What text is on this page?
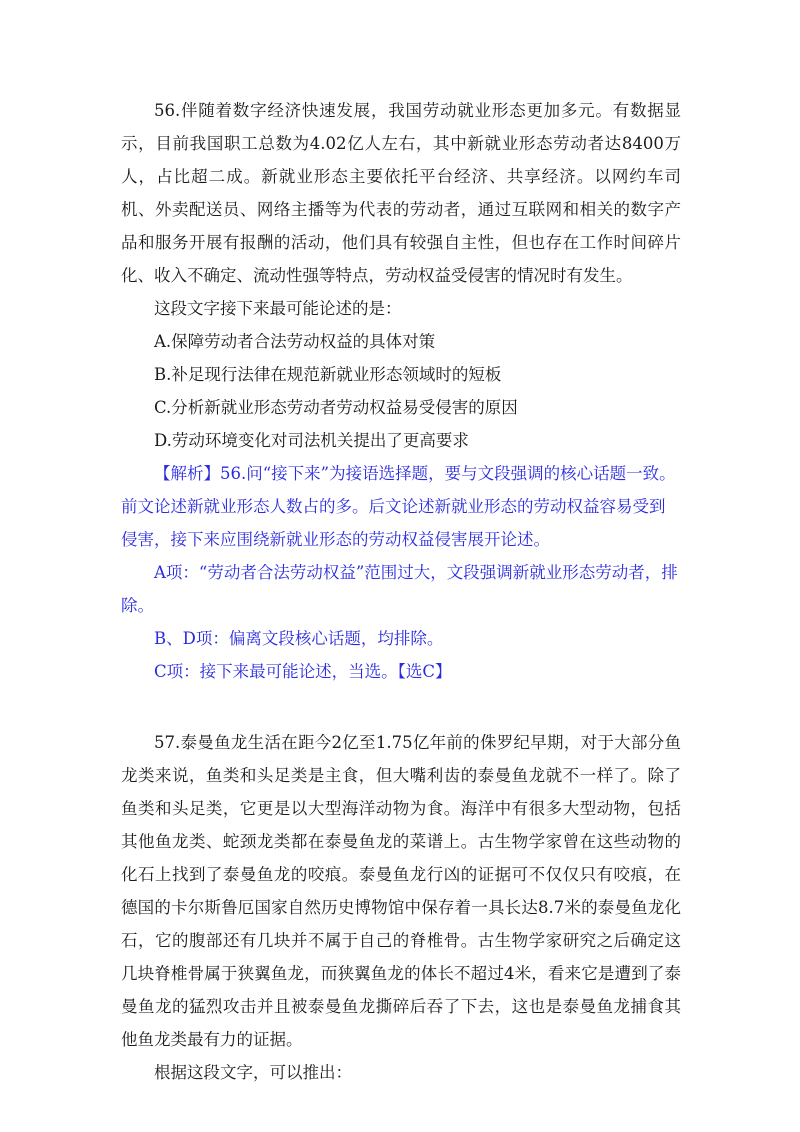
56.伴随着数字经济快速发展，我国劳动就业形态更加多元。有数据显示，目前我国职工总数为4.02亿人左右，其中新就业形态劳动者达8400万人，占比超二成。新就业形态主要依托平台经济、共享经济。以网约车司机、外卖配送员、网络主播等为代表的劳动者，通过互联网和相关的数字产品和服务开展有报酬的活动，他们具有较强自主性，但也存在工作时间碎片化、收入不确定、流动性强等特点，劳动权益受侵害的情况时有发生。

这段文字接下来最可能论述的是：

A.保障劳动者合法劳动权益的具体对策

B.补足现行法律在规范新就业形态领域时的短板

C.分析新就业形态劳动者劳动权益易受侵害的原因

D.劳动环境变化对司法机关提出了更高要求

【解析】56.问“接下来”为接语选择题，要与文段强调的核心话题一致。前文论述新就业形态人数占的多。后文论述新就业形态的劳动权益容易受到侵害，接下来应围绕新就业形态的劳动权益侵害展开论述。

A项：“劳动者合法劳动权益”范围过大，文段强调新就业形态劳动者，排除。

B、D项：偏离文段核心话题，均排除。

C项：接下来最可能论述，当选。【选C】

57.泰曼鱼龙生活在距今2亿至1.75亿年前的侏罗纪早期，对于大部分鱼龙类来说，鱼类和头足类是主食，但大嘴利齿的泰曼鱼龙就不一样了。除了鱼类和头足类，它更是以大型海洋动物为食。海洋中有很多大型动物，包括其他鱼龙类、蛇颈龙类都在泰曼鱼龙的菜谱上。古生物学家曾在这些动物的化石上找到了泰曼鱼龙的咬痕。泰曼鱼龙行凶的证据可不仅仅只有咬痕，在德国的卡尔斯鲁厄国家自然历史博物馆中保存着一具长达8.7米的泰曼鱼龙化石，它的腹部还有几块并不属于自己的脊椎骨。古生物学家研究之后确定这几块脊椎骨属于狭翼鱼龙，而狭翼鱼龙的体长不超过4米，看来它是遭到了泰曼鱼龙的猛烈攻击并且被泰曼鱼龙撕碎后吞了下去，这也是泰曼鱼龙捕食其他鱼龙类最有力的证据。

根据这段文字，可以推出：
